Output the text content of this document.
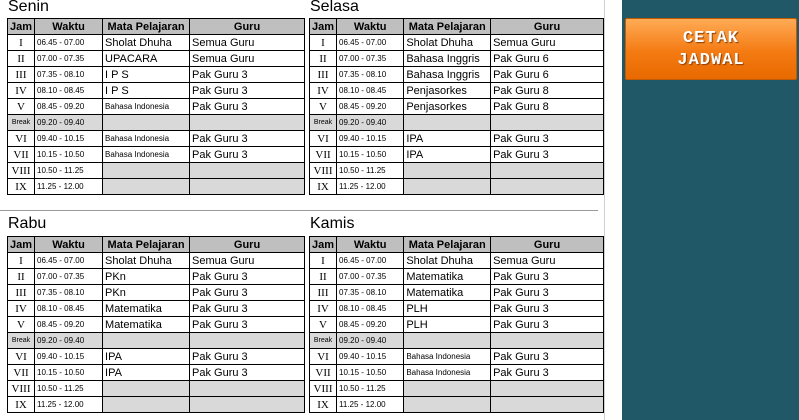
Senin
Jam	Waktu	Mata Pelajaran	Guru
I	06.45 - 07.00	Sholat Dhuha	Semua Guru
II	07.00 - 07.35	UPACARA	Semua Guru
III	07.35 - 08.10	I P S	Pak Guru 3
IV	08.10 - 08.45	I P S	Pak Guru 3
V	08.45 - 09.20	Bahasa Indonesia	Pak Guru 3
Break	09.20 - 09.40		
VI	09.40 - 10.15	Bahasa Indonesia	Pak Guru 3
VII	10.15 - 10.50	Bahasa Indonesia	Pak Guru 3
VIII	10.50 - 11.25		
IX	11.25 - 12.00		
Selasa
Jam	Waktu	Mata Pelajaran	Guru
I	06.45 - 07.00	Sholat Dhuha	Semua Guru
II	07.00 - 07.35	Bahasa Inggris	Pak Guru 6
III	07.35 - 08.10	Bahasa Inggris	Pak Guru 6
IV	08.10 - 08.45	Penjasorkes	Pak Guru 8
V	08.45 - 09.20	Penjasorkes	Pak Guru 8
Break	09.20 - 09.40		
VI	09.40 - 10.15	IPA	Pak Guru 3
VII	10.15 - 10.50	IPA	Pak Guru 3
VIII	10.50 - 11.25		
IX	11.25 - 12.00		
Rabu
Jam	Waktu	Mata Pelajaran	Guru
I	06.45 - 07.00	Sholat Dhuha	Semua Guru
II	07.00 - 07.35	PKn	Pak Guru 3
III	07.35 - 08.10	PKn	Pak Guru 3
IV	08.10 - 08.45	Matematika	Pak Guru 3
V	08.45 - 09.20	Matematika	Pak Guru 3
Break	09.20 - 09.40		
VI	09.40 - 10.15	IPA	Pak Guru 3
VII	10.15 - 10.50	IPA	Pak Guru 3
VIII	10.50 - 11.25		
IX	11.25 - 12.00		
Kamis
Jam	Waktu	Mata Pelajaran	Guru
I	06.45 - 07.00	Sholat Dhuha	Semua Guru
II	07.00 - 07.35	Matematika	Pak Guru 3
III	07.35 - 08.10	Matematika	Pak Guru 3
IV	08.10 - 08.45	PLH	Pak Guru 3
V	08.45 - 09.20	PLH	Pak Guru 3
Break	09.20 - 09.40		
VI	09.40 - 10.15	Bahasa Indonesia	Pak Guru 3
VII	10.15 - 10.50	Bahasa Indonesia	Pak Guru 3
VIII	10.50 - 11.25		
IX	11.25 - 12.00		
CETAK
JADWAL
